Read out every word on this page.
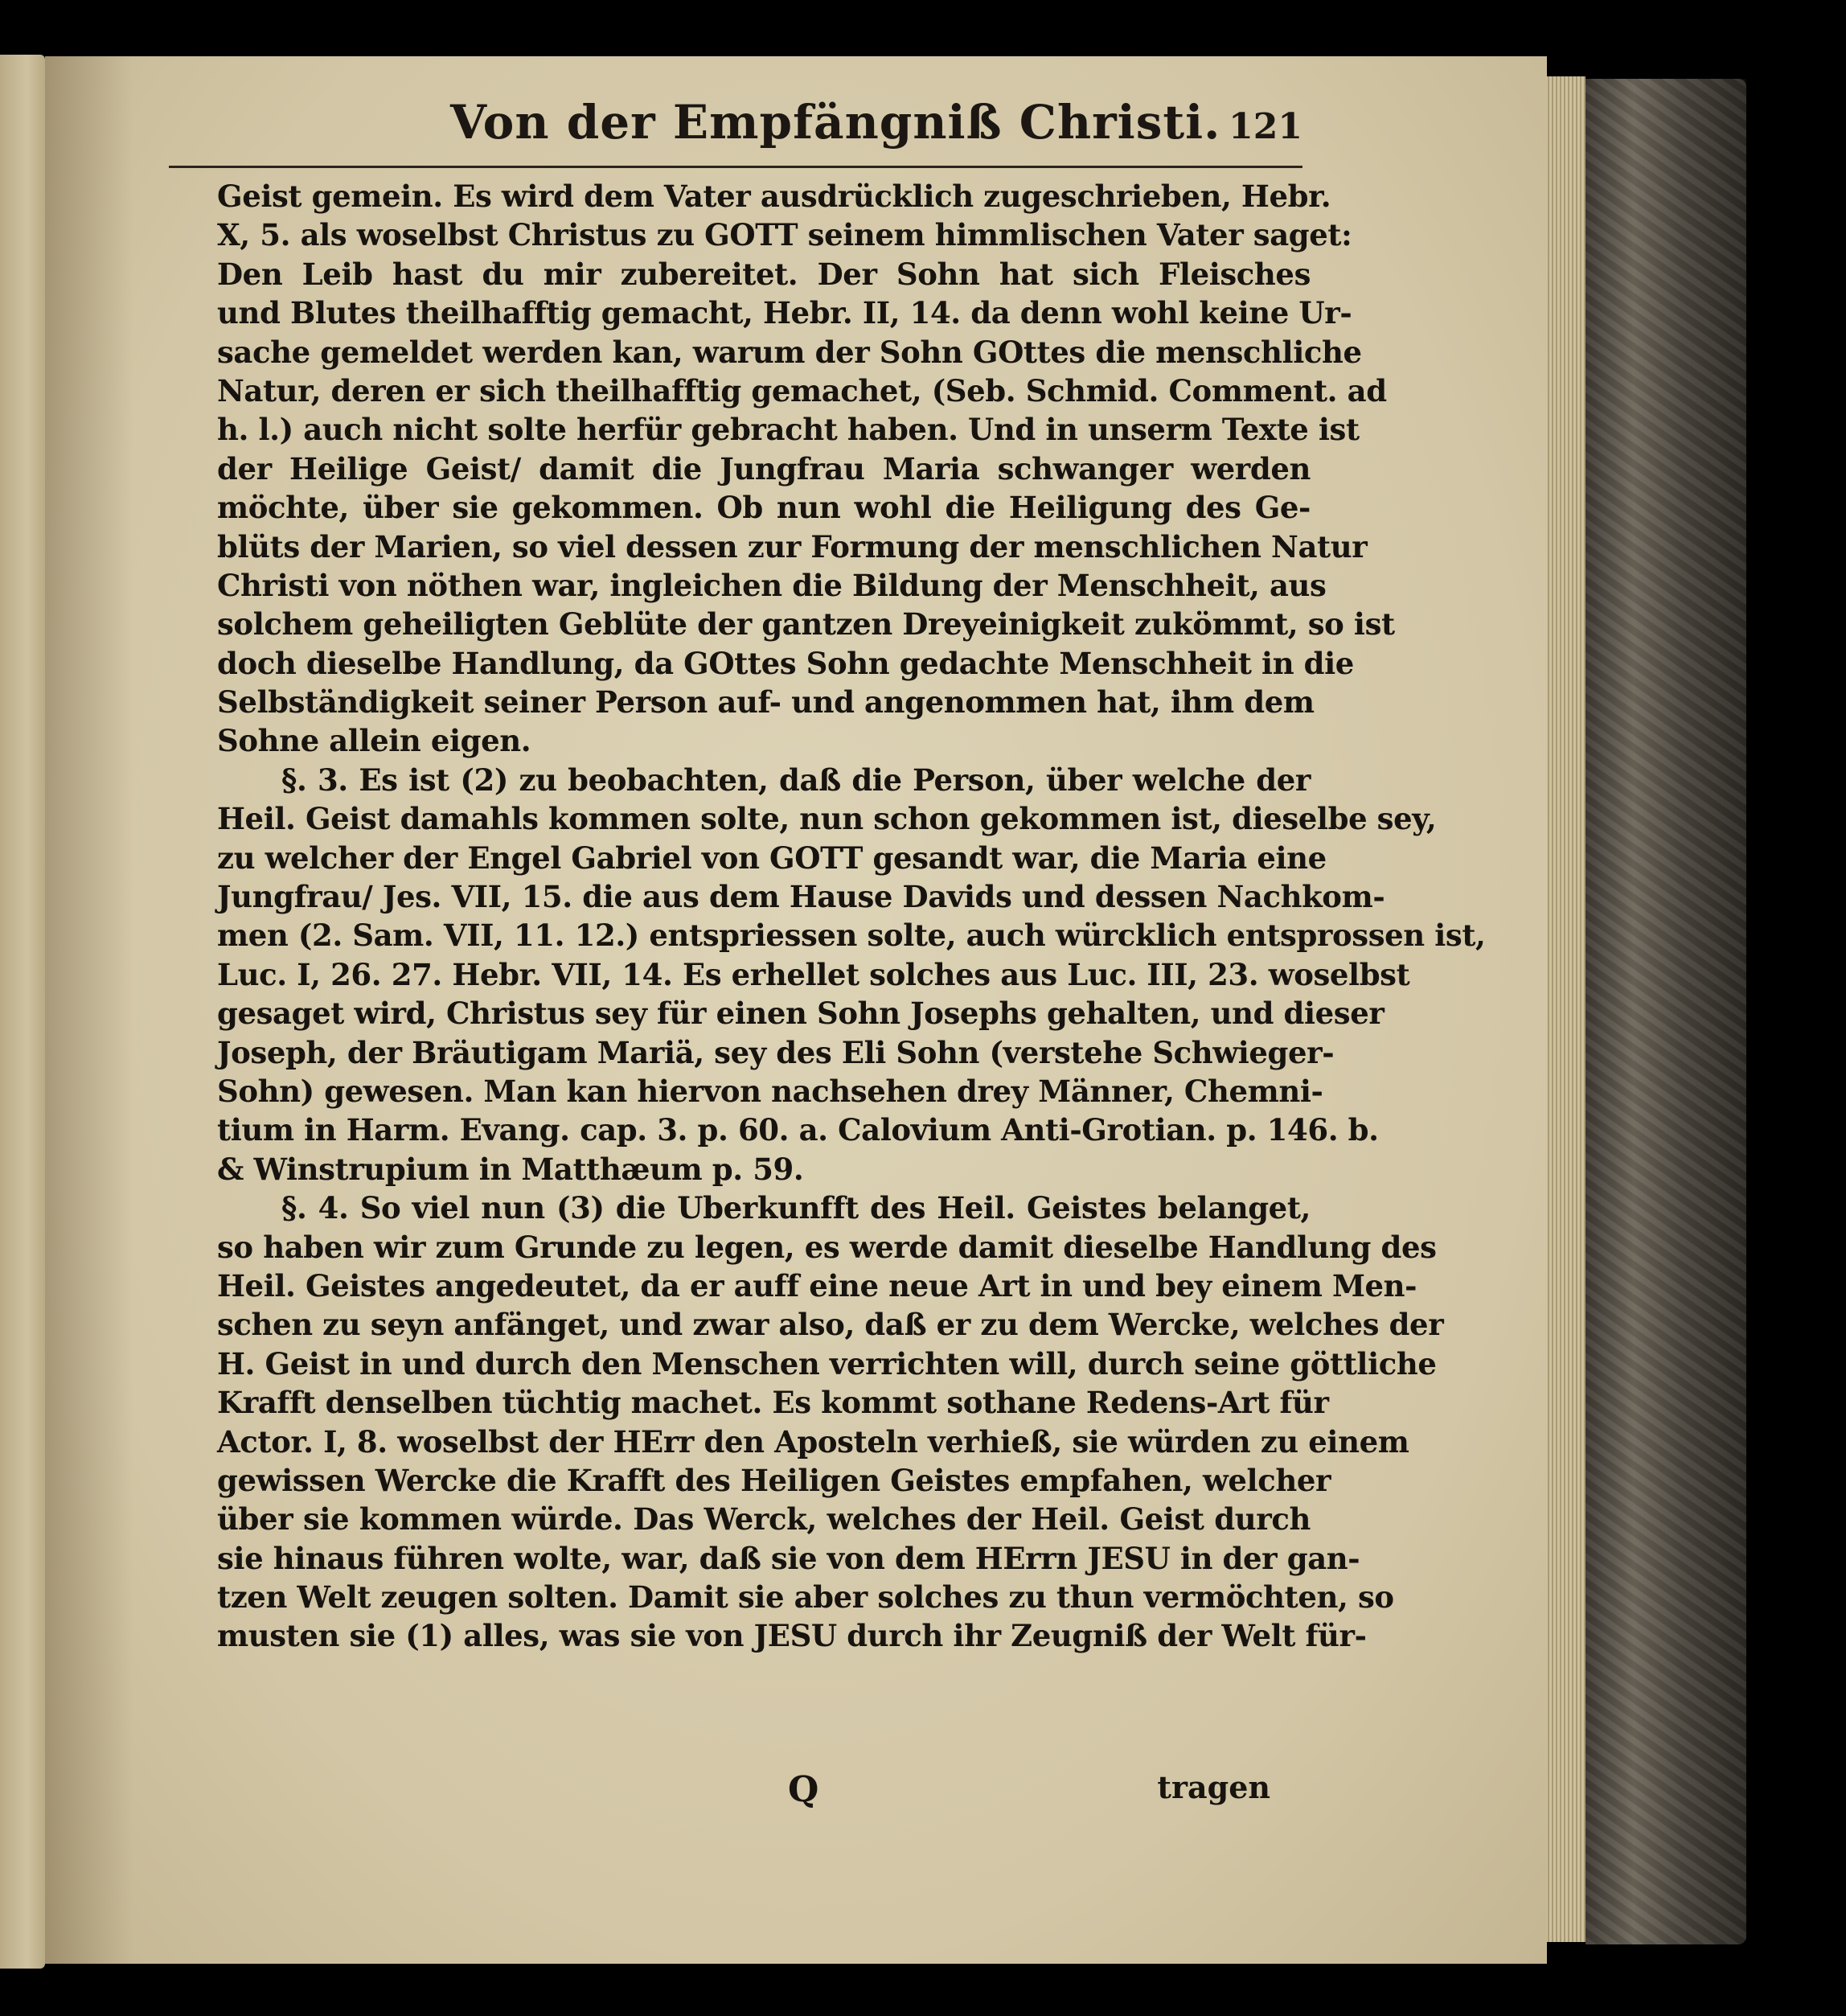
Von der Empfängniß Christi. 121
Geist gemein. Es wird dem Vater ausdrücklich zugeschrieben, Hebr.
X, 5. als woselbst Christus zu GOTT seinem himmlischen Vater saget:
Den Leib hast du mir zubereitet. Der Sohn hat sich Fleisches
und Blutes theilhafftig gemacht, Hebr. II, 14. da denn wohl keine Ur-
sache gemeldet werden kan, warum der Sohn GOttes die menschliche
Natur, deren er sich theilhafftig gemachet, (Seb. Schmid. Comment. ad
h. l.) auch nicht solte herfür gebracht haben. Und in unserm Texte ist
der Heilige Geist/ damit die Jungfrau Maria schwanger werden
möchte, über sie gekommen. Ob nun wohl die Heiligung des Ge-
blüts der Marien, so viel dessen zur Formung der menschlichen Natur
Christi von nöthen war, ingleichen die Bildung der Menschheit, aus
solchem geheiligten Geblüte der gantzen Dreyeinigkeit zukömmt, so ist
doch dieselbe Handlung, da GOttes Sohn gedachte Menschheit in die
Selbständigkeit seiner Person auf- und angenommen hat, ihm dem
Sohne allein eigen.
§. 3. Es ist (2) zu beobachten, daß die Person, über welche der
Heil. Geist damahls kommen solte, nun schon gekommen ist, dieselbe sey,
zu welcher der Engel Gabriel von GOTT gesandt war, die Maria eine
Jungfrau/ Jes. VII, 15. die aus dem Hause Davids und dessen Nachkom-
men (2. Sam. VII, 11. 12.) entspriessen solte, auch würcklich entsprossen ist,
Luc. I, 26. 27. Hebr. VII, 14. Es erhellet solches aus Luc. III, 23. woselbst
gesaget wird, Christus sey für einen Sohn Josephs gehalten, und dieser
Joseph, der Bräutigam Mariä, sey des Eli Sohn (verstehe Schwieger-
Sohn) gewesen. Man kan hiervon nachsehen drey Männer, Chemni-
tium in Harm. Evang. cap. 3. p. 60. a. Calovium Anti-Grotian. p. 146. b.
& Winstrupium in Matthæum p. 59.
§. 4. So viel nun (3) die Uberkunfft des Heil. Geistes belanget,
so haben wir zum Grunde zu legen, es werde damit dieselbe Handlung des
Heil. Geistes angedeutet, da er auff eine neue Art in und bey einem Men-
schen zu seyn anfänget, und zwar also, daß er zu dem Wercke, welches der
H. Geist in und durch den Menschen verrichten will, durch seine göttliche
Krafft denselben tüchtig machet. Es kommt sothane Redens-Art für
Actor. I, 8. woselbst der HErr den Aposteln verhieß, sie würden zu einem
gewissen Wercke die Krafft des Heiligen Geistes empfahen, welcher
über sie kommen würde. Das Werck, welches der Heil. Geist durch
sie hinaus führen wolte, war, daß sie von dem HErrn JESU in der gan-
tzen Welt zeugen solten. Damit sie aber solches zu thun vermöchten, so
musten sie (1) alles, was sie von JESU durch ihr Zeugniß der Welt für-
Q	tragen
